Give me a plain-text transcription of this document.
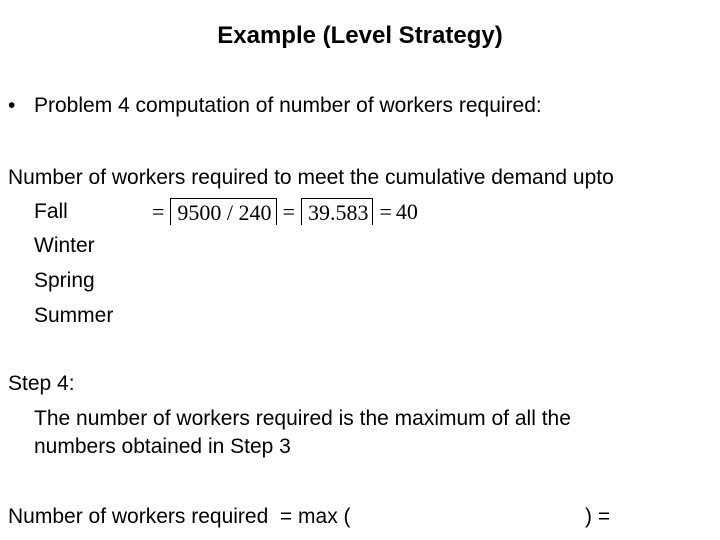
Example (Level Strategy)
• Problem 4 computation of number of workers required:
Number of workers required to meet the cumulative demand upto
Fall
Winter
Spring
Summer
= 9500 / 240 = 39.583 = 40
Step 4:
The number of workers required is the maximum of all the
numbers obtained in Step 3
Number of workers required  = max (	) =
